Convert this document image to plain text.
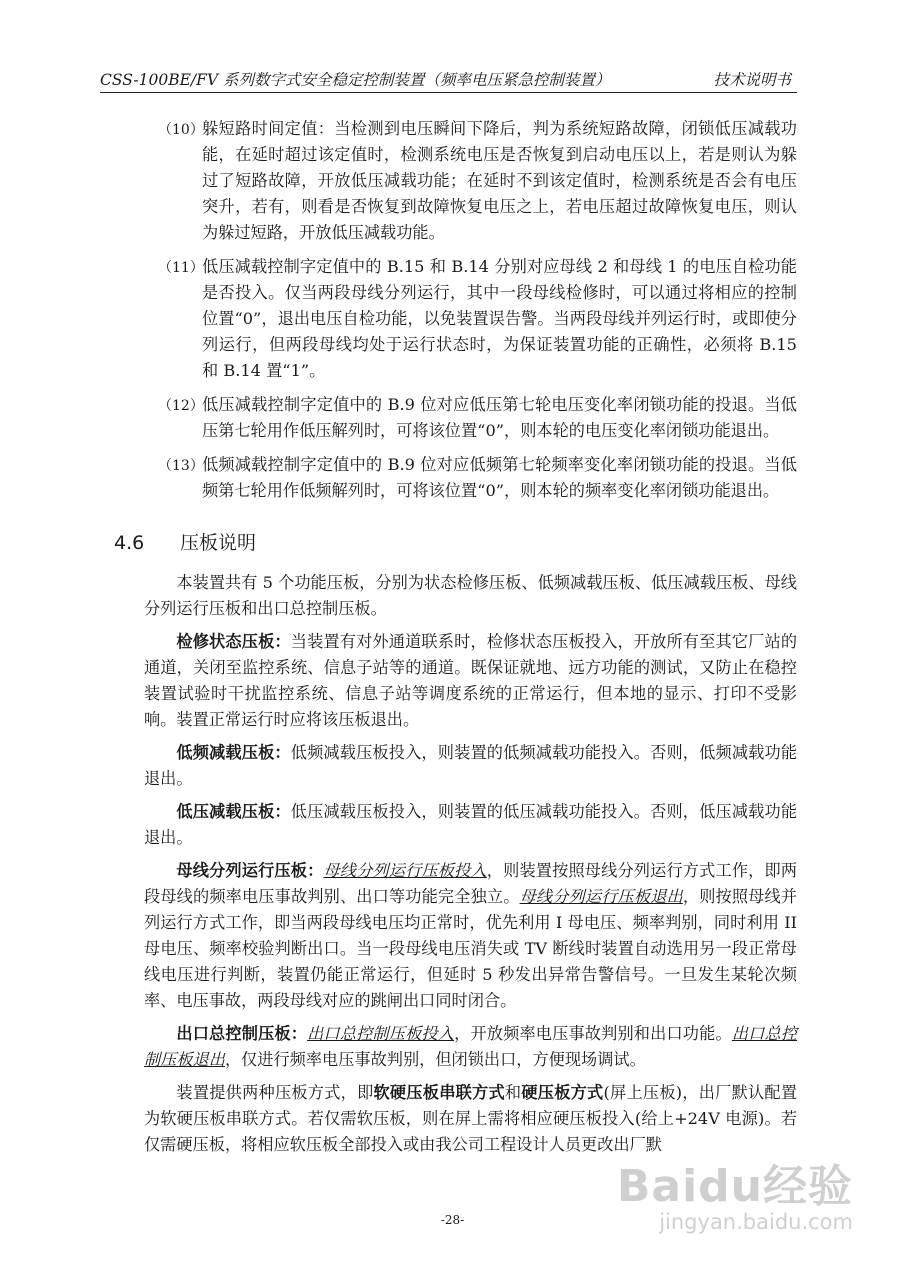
CSS-100BE/FV 系列数字式安全稳定控制装置（频率电压紧急控制装置）	技术说明书
（10）
躲短路时间定值：当检测到电压瞬间下降后，判为系统短路故障，闭锁低压减载功能，在延时超过该定值时，检测系统电压是否恢复到启动电压以上，若是则认为躲过了短路故障，开放低压减载功能；在延时不到该定值时，检测系统是否会有电压突升，若有，则看是否恢复到故障恢复电压之上，若电压超过故障恢复电压，则认为躲过短路，开放低压减载功能。
（11）
低压减载控制字定值中的 B.15 和 B.14 分别对应母线 2 和母线 1 的电压自检功能是否投入。仅当两段母线分列运行，其中一段母线检修时，可以通过将相应的控制位置“0”，退出电压自检功能，以免装置误告警。当两段母线并列运行时，或即使分列运行，但两段母线均处于运行状态时，为保证装置功能的正确性，必须将 B.15 和 B.14 置“1”。
（12）
低压减载控制字定值中的 B.9 位对应低压第七轮电压变化率闭锁功能的投退。当低压第七轮用作低压解列时，可将该位置“0”，则本轮的电压变化率闭锁功能退出。
（13）
低频减载控制字定值中的 B.9 位对应低频第七轮频率变化率闭锁功能的投退。当低频第七轮用作低频解列时，可将该位置“0”，则本轮的频率变化率闭锁功能退出。
4.6 压板说明

本装置共有 5 个功能压板，分别为状态检修压板、低频减载压板、低压减载压板、母线分列运行压板和出口总控制压板。

检修状态压板：当装置有对外通道联系时，检修状态压板投入，开放所有至其它厂站的通道，关闭至监控系统、信息子站等的通道。既保证就地、远方功能的测试，又防止在稳控装置试验时干扰监控系统、信息子站等调度系统的正常运行，但本地的显示、打印不受影响。装置正常运行时应将该压板退出。

低频减载压板：低频减载压板投入，则装置的低频减载功能投入。否则，低频减载功能退出。

低压减载压板：低压减载压板投入，则装置的低压减载功能投入。否则，低压减载功能退出。

母线分列运行压板：母线分列运行压板投入，则装置按照母线分列运行方式工作，即两段母线的频率电压事故判别、出口等功能完全独立。母线分列运行压板退出，则按照母线并列运行方式工作，即当两段母线电压均正常时，优先利用 I 母电压、频率判别，同时利用 II 母电压、频率校验判断出口。当一段母线电压消失或 TV 断线时装置自动选用另一段正常母线电压进行判断，装置仍能正常运行，但延时 5 秒发出异常告警信号。一旦发生某轮次频率、电压事故，两段母线对应的跳闸出口同时闭合。

出口总控制压板：出口总控制压板投入，开放频率电压事故判别和出口功能。出口总控制压板退出，仅进行频率电压事故判别，但闭锁出口，方便现场调试。

装置提供两种压板方式，即软硬压板串联方式和硬压板方式(屏上压板)，出厂默认配置为软硬压板串联方式。若仅需软压板，则在屏上需将相应硬压板投入(给上+24V 电源)。若仅需硬压板，将相应软压板全部投入或由我公司工程设计人员更改出厂默

Baidu经验
jingyan.baidu.com
-28-
